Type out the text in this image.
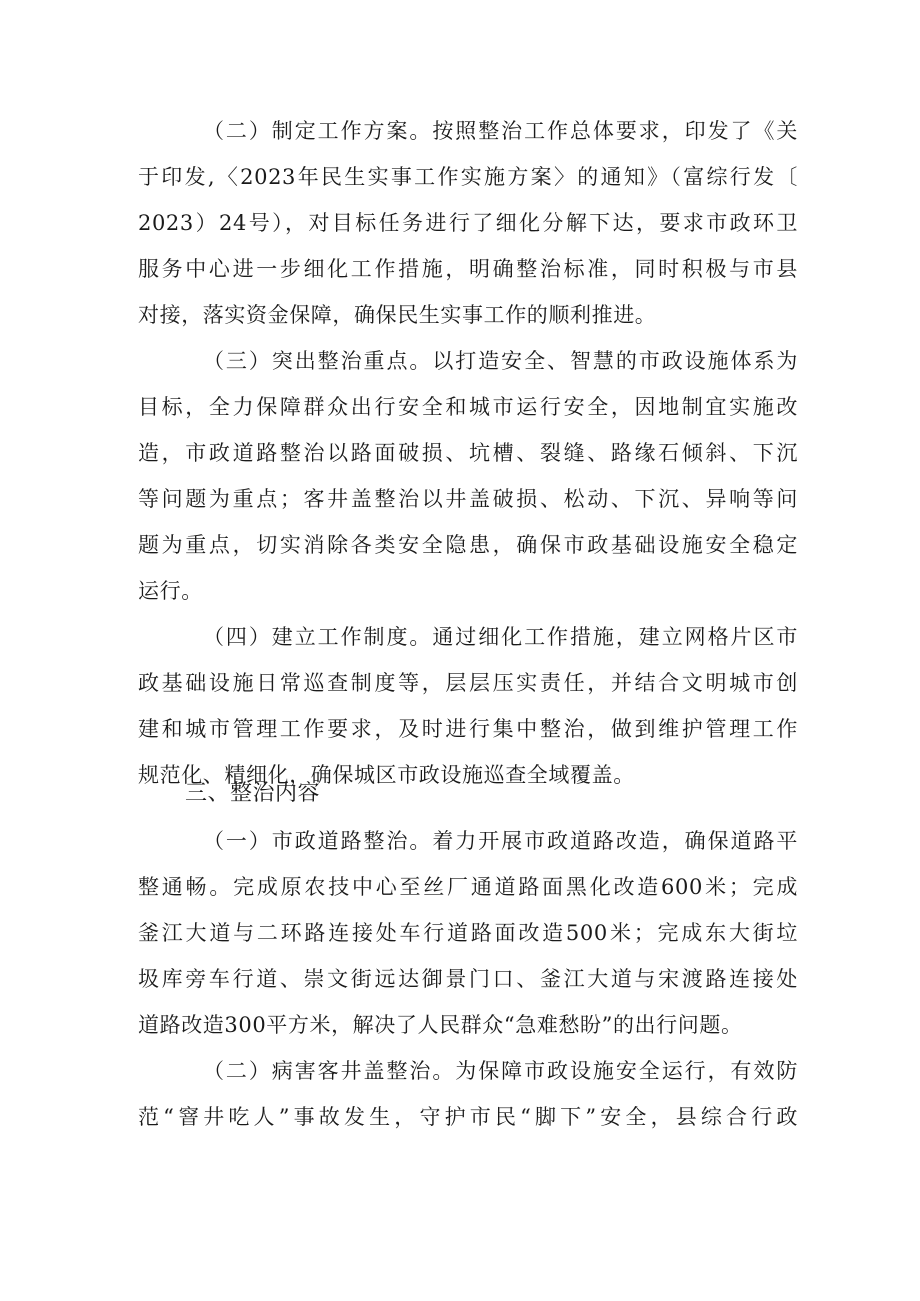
（二）制定工作方案。按照整治工作总体要求，印发了《关
于印发,〈2023年民生实事工作实施方案〉的通知》（富综行发〔
2023）24号），对目标任务进行了细化分解下达，要求市政环卫
服务中心进一步细化工作措施，明确整治标准，同时积极与市县
对接，落实资金保障，确保民生实事工作的顺利推进。
（三）突出整治重点。以打造安全、智慧的市政设施体系为
目标，全力保障群众出行安全和城市运行安全，因地制宜实施改
造，市政道路整治以路面破损、坑槽、裂缝、路缘石倾斜、下沉
等问题为重点；客井盖整治以井盖破损、松动、下沉、异响等问
题为重点，切实消除各类安全隐患，确保市政基础设施安全稳定
运行。
（四）建立工作制度。通过细化工作措施，建立网格片区市
政基础设施日常巡查制度等，层层压实责任，并结合文明城市创
建和城市管理工作要求，及时进行集中整治，做到维护管理工作
规范化、精细化，确保城区市政设施巡查全域覆盖。
三、整治内容
（一）市政道路整治。着力开展市政道路改造，确保道路平
整通畅。完成原农技中心至丝厂通道路面黑化改造600米；完成
釜江大道与二环路连接处车行道路面改造500米；完成东大街垃
圾库旁车行道、崇文街远达御景门口、釜江大道与宋渡路连接处
道路改造300平方米，解决了人民群众“急难愁盼”的出行问题。
（二）病害客井盖整治。为保障市政设施安全运行，有效防
范“窨井吃人”事故发生，守护市民“脚下”安全，县综合行政
